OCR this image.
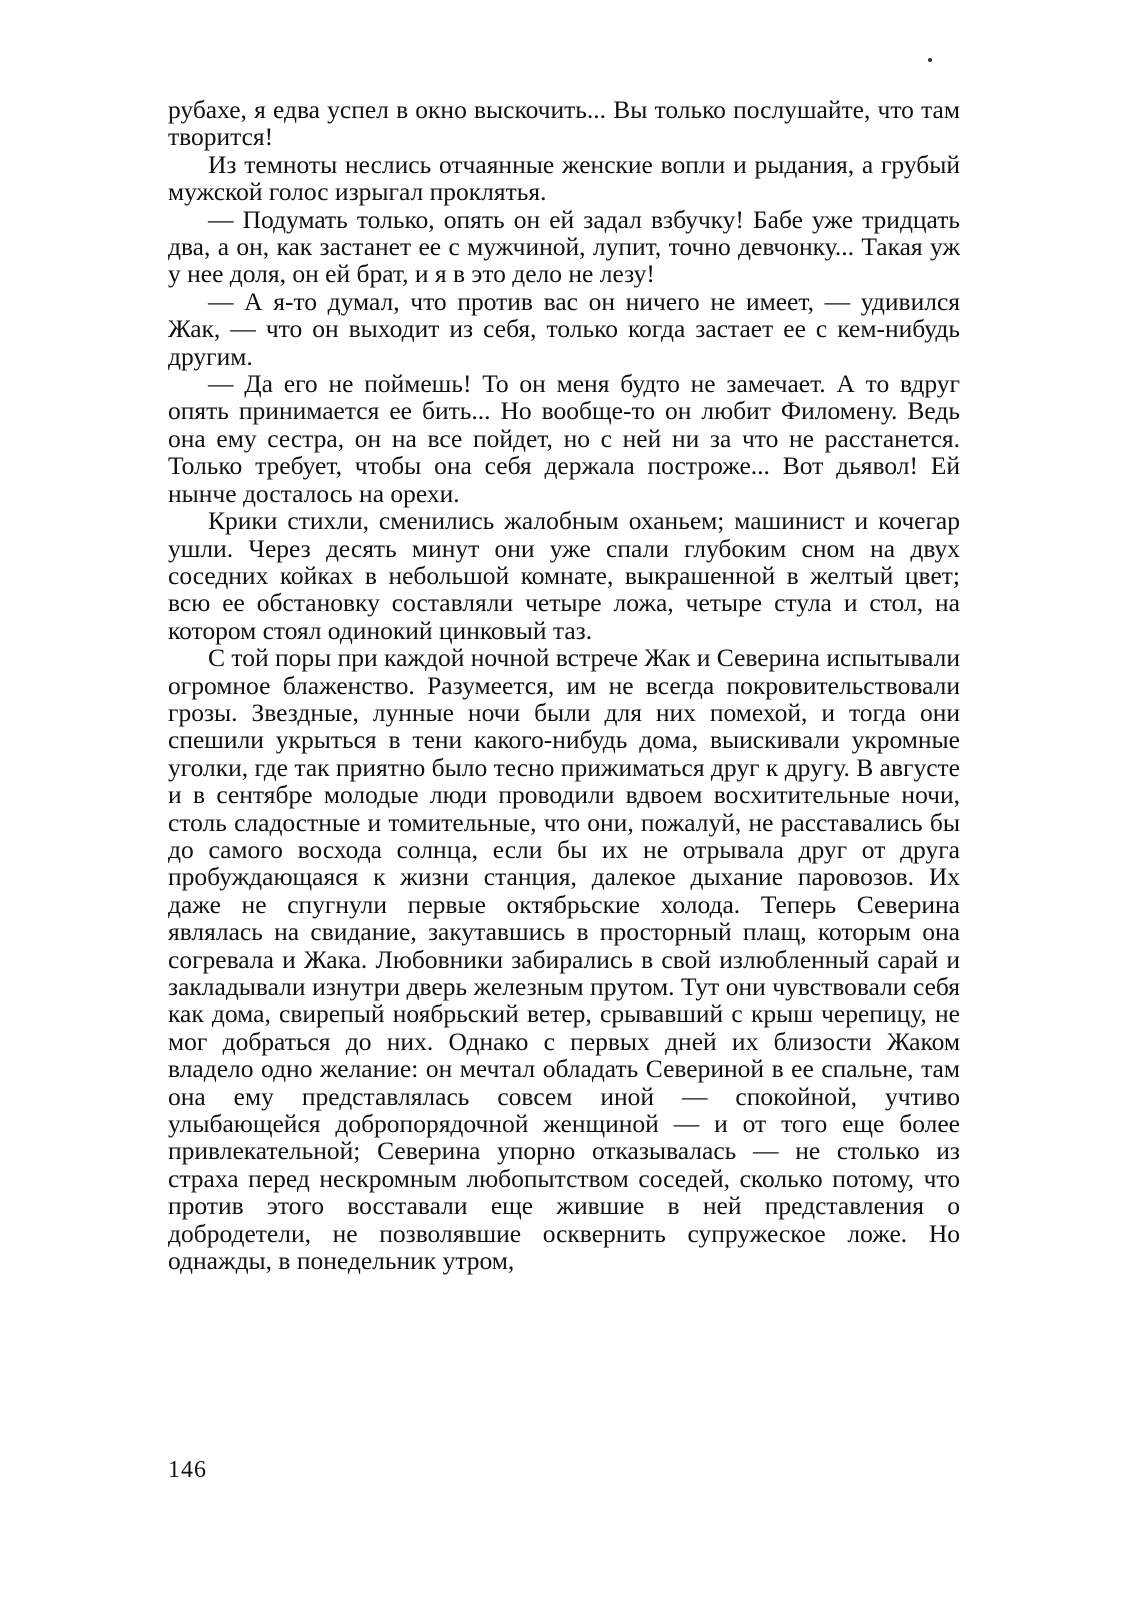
рубахе, я едва успел в окно выскочить... Вы только послушайте, что там творится!

Из темноты неслись отчаянные женские вопли и рыдания, а грубый мужской голос изрыгал проклятья.

— Подумать только, опять он ей задал взбучку! Бабе уже тридцать два, а он, как застанет ее с мужчиной, лупит, точно девчонку... Такая уж у нее доля, он ей брат, и я в это дело не лезу!

— А я-то думал, что против вас он ничего не имеет, — удивился Жак, — что он выходит из себя, только когда застает ее с кем-нибудь другим.

— Да его не поймешь! То он меня будто не замечает. А то вдруг опять принимается ее бить... Но вообще-то он любит Филомену. Ведь она ему сестра, он на все пойдет, но с ней ни за что не расстанется. Только требует, чтобы она себя держала построже... Вот дьявол! Ей нынче досталось на орехи.

Крики стихли, сменились жалобным оханьем; машинист и кочегар ушли. Через десять минут они уже спали глубоким сном на двух соседних койках в небольшой комнате, выкрашенной в желтый цвет; всю ее обстановку составляли четыре ложа, четыре стула и стол, на котором стоял одинокий цинковый таз.

С той поры при каждой ночной встрече Жак и Северина испытывали огромное блаженство. Разумеется, им не всегда покровительствовали грозы. Звездные, лунные ночи были для них помехой, и тогда они спешили укрыться в тени какого-нибудь дома, выискивали укромные уголки, где так приятно было тесно прижиматься друг к другу. В августе и в сентябре молодые люди проводили вдвоем восхитительные ночи, столь сладостные и томительные, что они, пожалуй, не расставались бы до самого восхода солнца, если бы их не отрывала друг от друга пробуждающаяся к жизни станция, далекое дыхание паровозов. Их даже не спугнули первые октябрьские холода. Теперь Северина являлась на свидание, закутавшись в просторный плащ, которым она согревала и Жака. Любовники забирались в свой излюбленный сарай и закладывали изнутри дверь железным прутом. Тут они чувствовали себя как дома, свирепый ноябрьский ветер, срывавший с крыш черепицу, не мог добраться до них. Однако с первых дней их близости Жаком владело одно желание: он мечтал обладать Севериной в ее спальне, там она ему представлялась совсем иной — спокойной, учтиво улыбающейся добропорядочной женщиной — и от того еще более привлекательной; Северина упорно отказывалась — не столько из страха перед нескромным любопытством соседей, сколько потому, что против этого восставали еще жившие в ней представления о добродетели, не позволявшие осквернить супружеское ложе. Но однажды, в понедельник утром,

146
